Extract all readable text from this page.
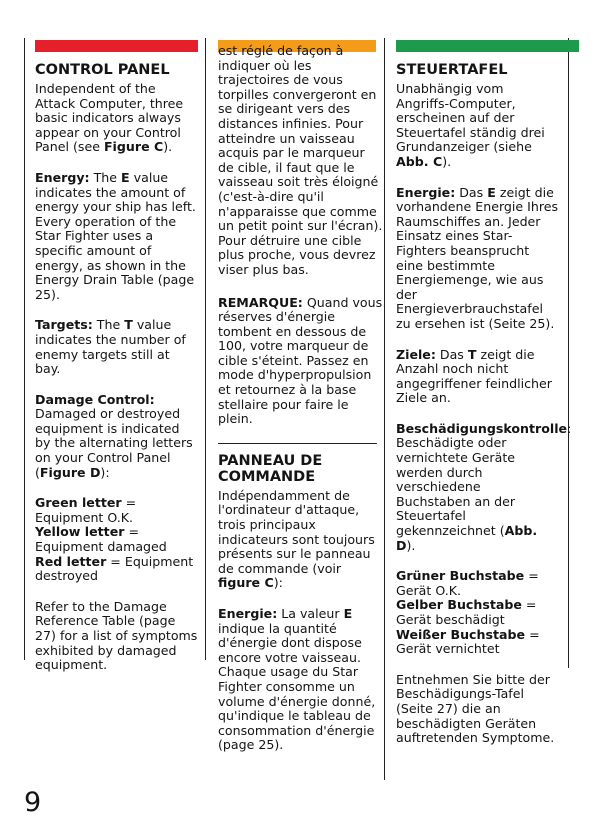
CONTROL PANEL

Independent of the Attack Computer, three basic indicators always appear on your Control Panel (see Figure C).

Energy: The E value indicates the amount of energy your ship has left. Every operation of the Star Fighter uses a specific amount of energy, as shown in the Energy Drain Table (page 25).

Targets: The T value indicates the number of enemy targets still at bay.

Damage Control: Damaged or destroyed equipment is indicated by the alternating letters on your Control Panel (Figure D):

Green letter = Equipment O.K.
Yellow letter = Equipment damaged
Red letter = Equipment destroyed

Refer to the Damage Reference Table (page 27) for a list of symptoms exhibited by damaged equipment.

est réglé de façon à indiquer où les trajectoires de vous torpilles convergeront en se dirigeant vers des distances infinies. Pour atteindre un vaisseau acquis par le marqueur de cible, il faut que le vaisseau soit très éloigné (c'est-à-dire qu'il n'apparaisse que comme un petit point sur l'écran). Pour détruire une cible plus proche, vous devrez viser plus bas.

REMARQUE: Quand vous réserves d'énergie tombent en dessous de 100, votre marqueur de cible s'éteint. Passez en mode d'hyperpropulsion et retournez à la base stellaire pour faire le plein.

PANNEAU DE COMMANDE

Indépendamment de l'ordinateur d'attaque, trois principaux indicateurs sont toujours présents sur le panneau de commande (voir figure C):

Energie: La valeur E indique la quantité d'énergie dont dispose encore votre vaisseau. Chaque usage du Star Fighter consomme un volume d'énergie donné, qu'indique le tableau de consommation d'énergie (page 25).

STEUERTAFEL

Unabhängig vom Angriffs-Computer, erscheinen auf der Steuertafel ständig drei Grundanzeiger (siehe Abb. C).

Energie: Das E zeigt die vorhandene Energie Ihres Raumschiffes an. Jeder Einsatz eines Star-Fighters beansprucht eine bestimmte Energiemenge, wie aus der Energieverbrauchstafel zu ersehen ist (Seite 25).

Ziele: Das T zeigt die Anzahl noch nicht angegriffener feindlicher Ziele an.

Beschädigungskontrolle: Beschädigte oder vernichtete Geräte werden durch verschiedene Buchstaben an der Steuertafel gekennzeichnet (Abb. D).

Grüner Buchstabe = Gerät O.K.
Gelber Buchstabe = Gerät beschädigt
Weißer Buchstabe = Gerät vernichtet

Entnehmen Sie bitte der Beschädigungs-Tafel (Seite 27) die an beschädigten Geräten auftretenden Symptome.

9
